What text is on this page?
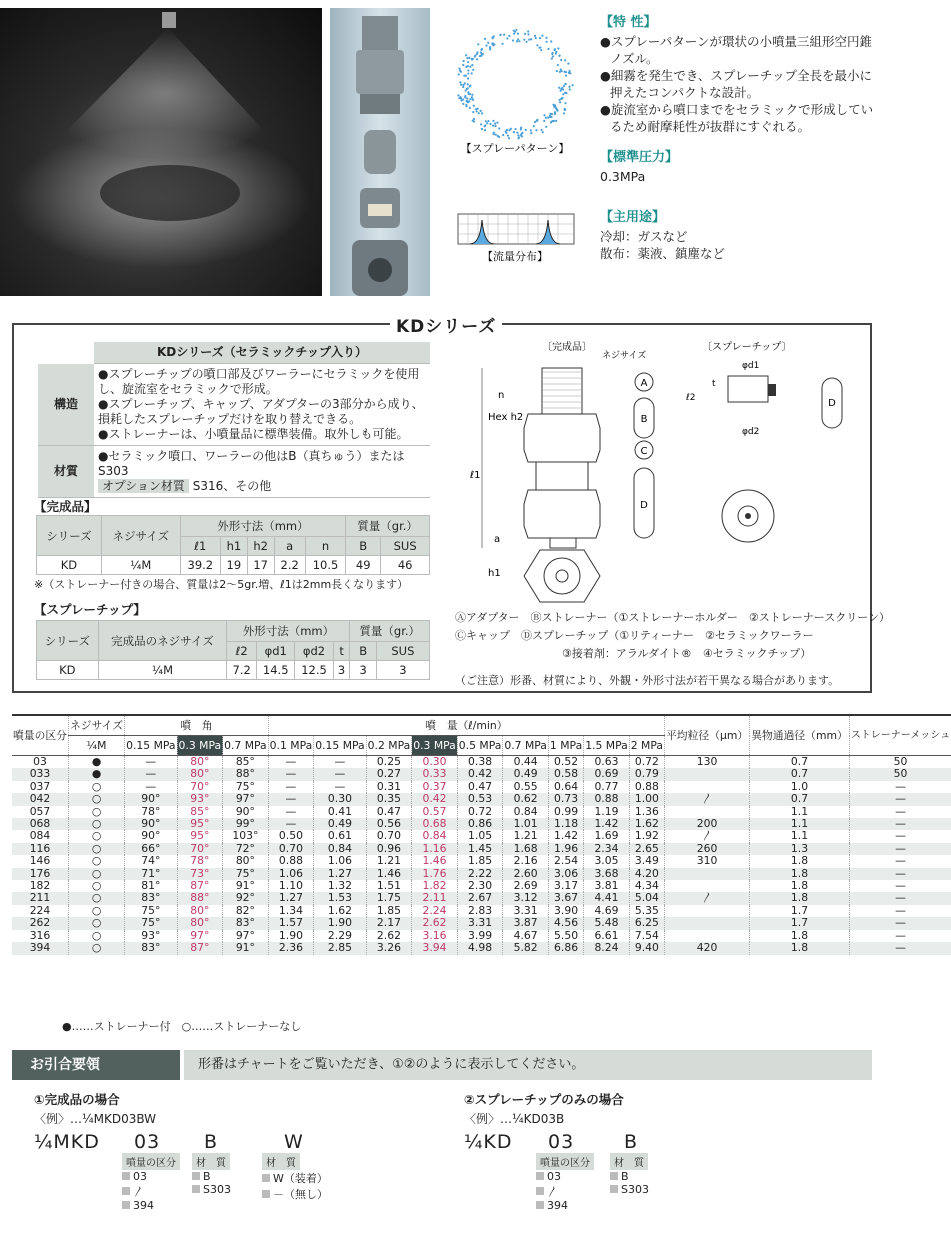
【スプレーパターン】
【流量分布】
【特 性】
●スプレーパターンが環状の小噴量三組形空円錐ノズル。
●細霧を発生でき、スプレーチップ全長を最小に押えたコンパクトな設計。
●旋流室から噴口までをセラミックで形成しているため耐摩耗性が抜群にすぐれる。
【標準圧力】
0.3MPa
【主用途】
冷却：ガスなど
散布：薬液、鎮塵など
KDシリーズ
	KDシリーズ（セラミックチップ入り）
構造	●スプレーチップの噴口部及びワーラーにセラミックを使用し、旋流室をセラミックで形成。
●スプレーチップ、キャップ、アダプターの3部分から成り、損耗したスプレーチップだけを取り替えできる。
●ストレーナーは、小噴量品に標準装備。取外しも可能。

材質	●セラミック噴口、ワーラーの他はB（真ちゅう）またはS303
オプション材質 S316、その他
【完成品】
シリーズ	ネジサイズ	外形寸法（mm）					質量（gr.）	
		ℓ1	h1	h2	a	n	B	SUS
KD	¼M	39.2	19	17	2.2	10.5	49	46
※（ストレーナー付きの場合、質量は2～5gr.増、ℓ1は2mm長くなります）
【スプレーチップ】
シリーズ	完成品のネジサイズ	外形寸法（mm）				質量（gr.）	
		ℓ2	φd1	φd2	t	B	SUS
KD	¼M	7.2	14.5	12.5	3	3	3
〔完成品〕
ネジサイズ
n
Hex h2
ℓ1
a
A
B
C
D
h1
〔スプレーチップ〕
φd1
φd2
t
ℓ2	D
Ⓐアダプター　Ⓑストレーナー（①ストレーナーホルダー　②ストレーナースクリーン）
Ⓒキャップ　Ⓓスプレーチップ（①リティーナー　②セラミックワーラー
③接着剤：アラルダイト®　④セラミックチップ）
（ご注意）形番、材質により、外観・外形寸法が若干異なる場合があります。
噴量の区分	ネジサイズ	噴　角			噴　量（ℓ/min）									平均粒径（μm）	異物通過径（mm）	ストレーナーメッシュ
	¼M	0.15 MPa	0.3 MPa	0.7 MPa	0.1 MPa	0.15 MPa	0.2 MPa	0.3 MPa	0.5 MPa	0.7 MPa	1 MPa	1.5 MPa	2 MPa			
03	●	—	80°	85°	—	—	0.25	0.30	0.38	0.44	0.52	0.63	0.72	130	0.7	50
033	●	—	80°	88°	—	—	0.27	0.33	0.42	0.49	0.58	0.69	0.79		0.7	50
037	○	—	70°	75°	—	—	0.31	0.37	0.47	0.55	0.64	0.77	0.88		1.0	—
042	○	90°	93°	97°	—	0.30	0.35	0.42	0.53	0.62	0.73	0.88	1.00	〳	0.7	—
057	○	78°	85°	90°	—	0.41	0.47	0.57	0.72	0.84	0.99	1.19	1.36		1.1	—
068	○	90°	95°	99°	—	0.49	0.56	0.68	0.86	1.01	1.18	1.42	1.62	200	1.1	—
084	○	90°	95°	103°	0.50	0.61	0.70	0.84	1.05	1.21	1.42	1.69	1.92	〳	1.1	—
116	○	66°	70°	72°	0.70	0.84	0.96	1.16	1.45	1.68	1.96	2.34	2.65	260	1.3	—
146	○	74°	78°	80°	0.88	1.06	1.21	1.46	1.85	2.16	2.54	3.05	3.49	310	1.8	—
176	○	71°	73°	75°	1.06	1.27	1.46	1.76	2.22	2.60	3.06	3.68	4.20		1.8	—
182	○	81°	87°	91°	1.10	1.32	1.51	1.82	2.30	2.69	3.17	3.81	4.34		1.8	—
211	○	83°	88°	92°	1.27	1.53	1.75	2.11	2.67	3.12	3.67	4.41	5.04	〳	1.8	—
224	○	75°	80°	82°	1.34	1.62	1.85	2.24	2.83	3.31	3.90	4.69	5.35		1.7	—
262	○	75°	80°	83°	1.57	1.90	2.17	2.62	3.31	3.87	4.56	5.48	6.25		1.7	—
316	○	93°	97°	97°	1.90	2.29	2.62	3.16	3.99	4.67	5.50	6.61	7.54		1.8	—
394	○	83°	87°	91°	2.36	2.85	3.26	3.94	4.98	5.82	6.86	8.24	9.40	420	1.8	—
●……ストレーナー付　○……ストレーナーなし
お引合要領	形番はチャートをご覧いただき、①②のように表示してください。
①完成品の場合
〈例〉…¼MKD03BW
¼MKD	03
噴量の区分
03
〳
394
B
材　質
B
S303
W
材　質
W（装着）
－（無し）
②スプレーチップのみの場合
〈例〉…¼KD03B
¼KD	03
噴量の区分
03
〳
394
B
材　質
B
S303
